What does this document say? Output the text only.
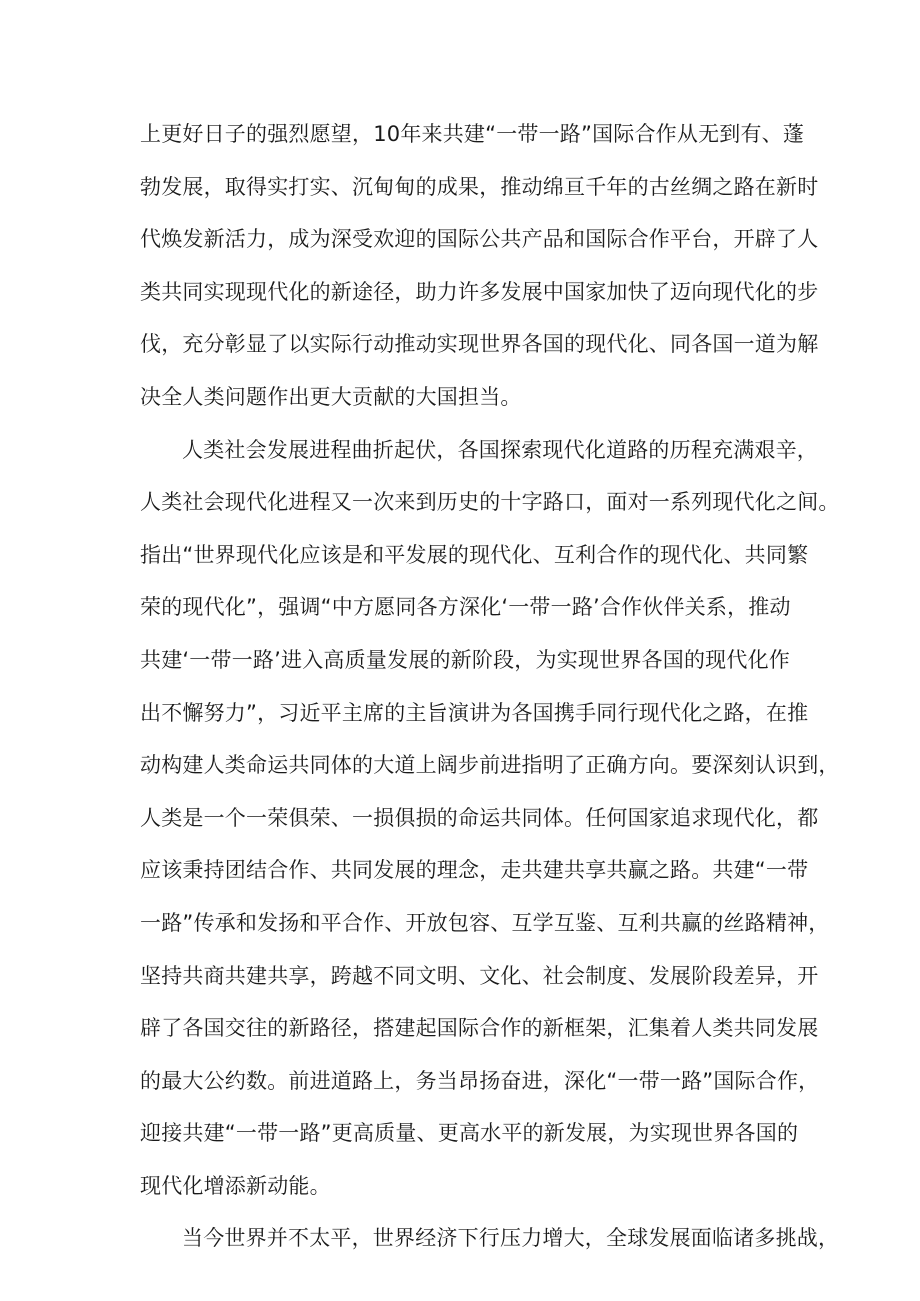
上更好日子的强烈愿望，10年来共建“一带一路”国际合作从无到有、蓬
勃发展，取得实打实、沉甸甸的成果，推动绵亘千年的古丝绸之路在新时
代焕发新活力，成为深受欢迎的国际公共产品和国际合作平台，开辟了人
类共同实现现代化的新途径，助力许多发展中国家加快了迈向现代化的步
伐，充分彰显了以实际行动推动实现世界各国的现代化、同各国一道为解
决全人类问题作出更大贡献的大国担当。
人类社会发展进程曲折起伏，各国探索现代化道路的历程充满艰辛，
人类社会现代化进程又一次来到历史的十字路口，面对一系列现代化之间。
指出“世界现代化应该是和平发展的现代化、互利合作的现代化、共同繁
荣的现代化”，强调“中方愿同各方深化‘一带一路’合作伙伴关系，推动
共建‘一带一路’进入高质量发展的新阶段，为实现世界各国的现代化作
出不懈努力”，习近平主席的主旨演讲为各国携手同行现代化之路，在推
动构建人类命运共同体的大道上阔步前进指明了正确方向。要深刻认识到，
人类是一个一荣俱荣、一损俱损的命运共同体。任何国家追求现代化，都
应该秉持团结合作、共同发展的理念，走共建共享共赢之路。共建“一带
一路”传承和发扬和平合作、开放包容、互学互鉴、互利共赢的丝路精神，
坚持共商共建共享，跨越不同文明、文化、社会制度、发展阶段差异，开
辟了各国交往的新路径，搭建起国际合作的新框架，汇集着人类共同发展
的最大公约数。前进道路上，务当昂扬奋进，深化“一带一路”国际合作，
迎接共建“一带一路”更高质量、更高水平的新发展，为实现世界各国的
现代化增添新动能。
当今世界并不太平，世界经济下行压力增大，全球发展面临诸多挑战，
